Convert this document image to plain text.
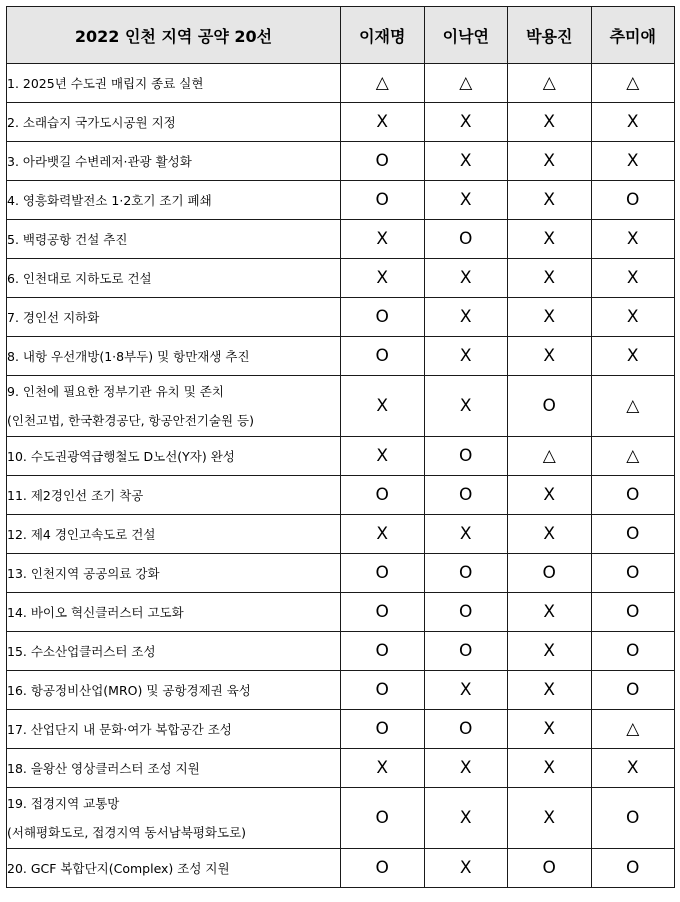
2022 인천 지역 공약 20선	이재명	이낙연	박용진	추미애

1. 2025년 수도권 매립지 종료 실현	△	△	△	△

2. 소래습지 국가도시공원 지정	X	X	X	X

3. 아라뱃길 수변레저·관광 활성화	O	X	X	X

4. 영흥화력발전소 1·2호기 조기 폐쇄	O	X	X	O

5. 백령공항 건설 추진	X	O	X	X

6. 인천대로 지하도로 건설	X	X	X	X

7. 경인선 지하화	O	X	X	X

8. 내항 우선개방(1·8부두) 및 항만재생 추진	O	X	X	X

9. 인천에 필요한 정부기관 유치 및 존치
(인천고법, 한국환경공단, 항공안전기술원 등)	X	X	O	△

10. 수도권광역급행철도 D노선(Y자) 완성	X	O	△	△

11. 제2경인선 조기 착공	O	O	X	O

12. 제4 경인고속도로 건설	X	X	X	O

13. 인천지역 공공의료 강화	O	O	O	O

14. 바이오 혁신클러스터 고도화	O	O	X	O

15. 수소산업클러스터 조성	O	O	X	O

16. 항공정비산업(MRO) 및 공항경제권 육성	O	X	X	O

17. 산업단지 내 문화·여가 복합공간 조성	O	O	X	△

18. 을왕산 영상클러스터 조성 지원	X	X	X	X

19. 접경지역 교통망
(서해평화도로, 접경지역 동서남북평화도로)	O	X	X	O

20. GCF 복합단지(Complex) 조성 지원	O	X	O	O
